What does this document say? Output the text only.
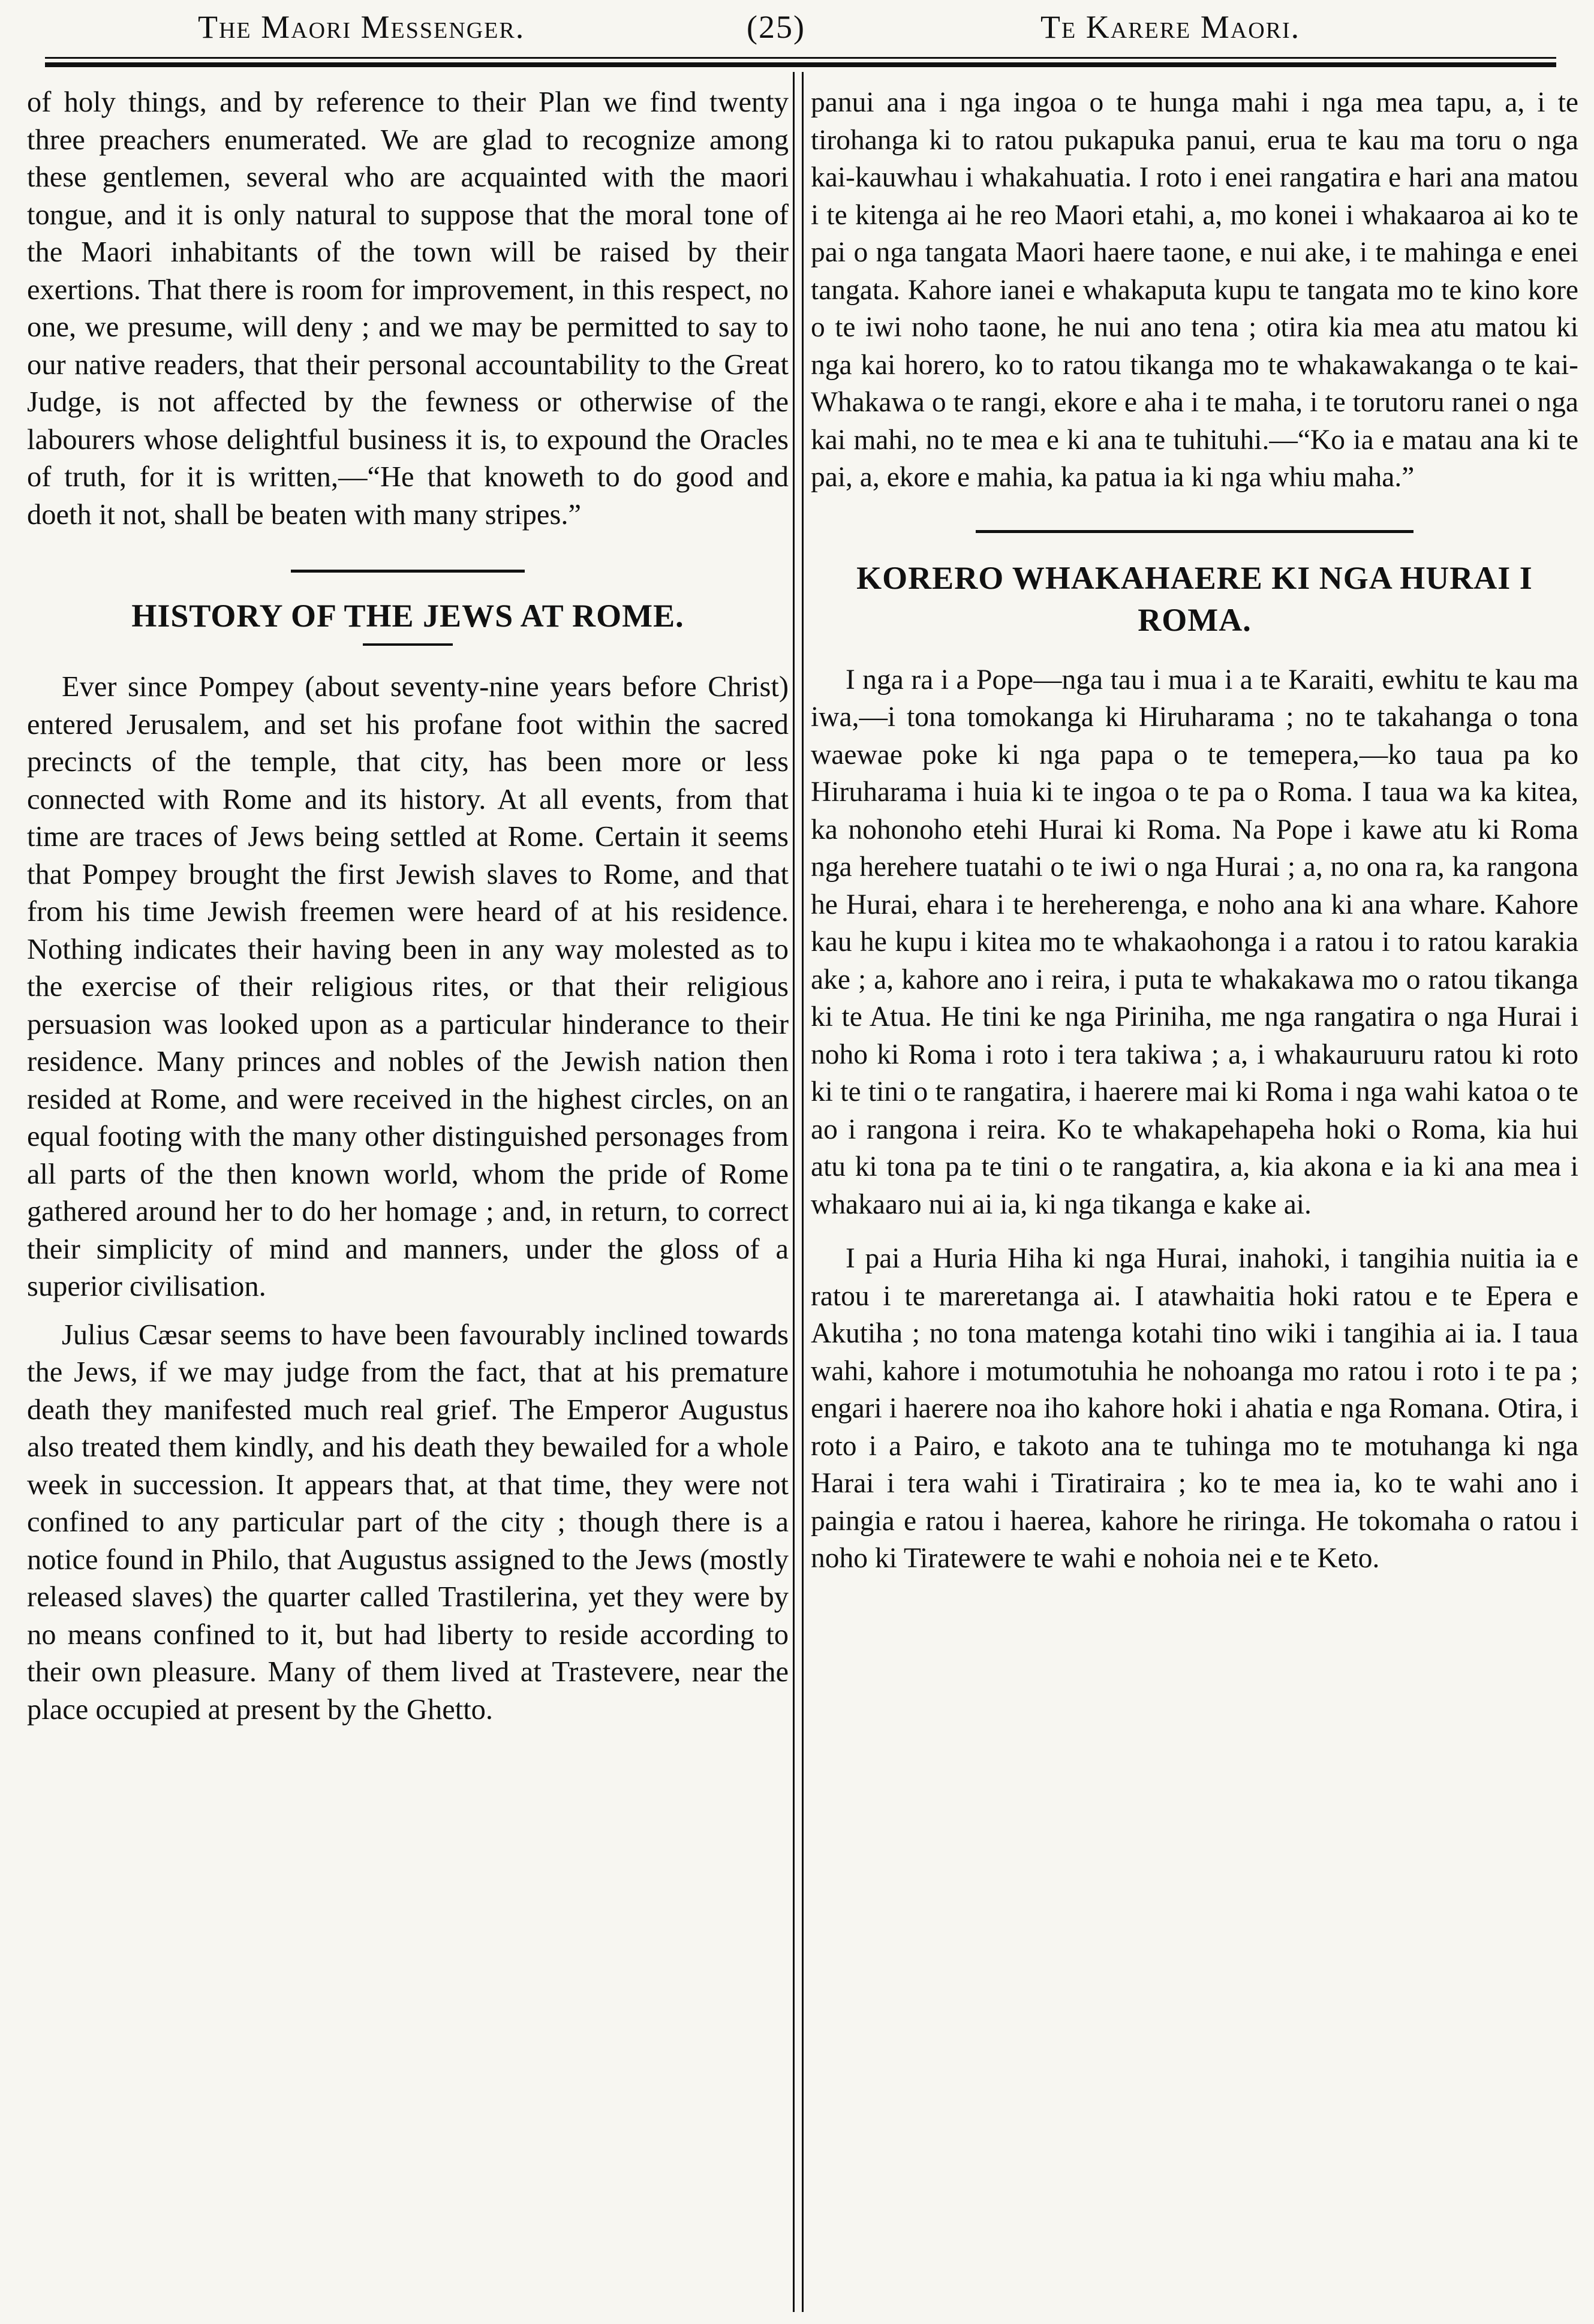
The Maori Messenger.	(25)	Te Karere Maori.

of holy things, and by reference to their Plan we find twenty three preachers enumerated. We are glad to recognize among these gentlemen, several who are acquainted with the maori tongue, and it is only natural to suppose that the moral tone of the Maori inhabitants of the town will be raised by their exertions. That there is room for improvement, in this respect, no one, we presume, will deny ; and we may be permitted to say to our native readers, that their personal accountability to the Great Judge, is not affected by the fewness or otherwise of the labourers whose delightful business it is, to expound the Oracles of truth, for it is written,—“He that knoweth to do good and doeth it not, shall be beaten with many stripes.”

HISTORY OF THE JEWS AT ROME.

Ever since Pompey (about seventy-nine years before Christ) entered Jerusalem, and set his profane foot within the sacred precincts of the temple, that city, has been more or less connected with Rome and its history. At all events, from that time are traces of Jews being settled at Rome. Certain it seems that Pompey brought the first Jewish slaves to Rome, and that from his time Jewish freemen were heard of at his residence. Nothing indicates their having been in any way molested as to the exercise of their religious rites, or that their religious persuasion was looked upon as a particular hinderance to their residence. Many princes and nobles of the Jewish nation then resided at Rome, and were received in the highest circles, on an equal footing with the many other distinguished personages from all parts of the then known world, whom the pride of Rome gathered around her to do her homage ; and, in return, to correct their simplicity of mind and manners, under the gloss of a superior civilisation.

Julius Cæsar seems to have been favourably inclined towards the Jews, if we may judge from the fact, that at his premature death they manifested much real grief. The Emperor Augustus also treated them kindly, and his death they bewailed for a whole week in succession. It appears that, at that time, they were not confined to any particular part of the city ; though there is a notice found in Philo, that Augustus assigned to the Jews (mostly released slaves) the quarter called Trastilerina, yet they were by no means confined to it, but had liberty to reside according to their own pleasure. Many of them lived at Trastevere, near the place occupied at present by the Ghetto.

panui ana i nga ingoa o te hunga mahi i nga mea tapu, a, i te tirohanga ki to ratou pukapuka panui, erua te kau ma toru o nga kai-kauwhau i whakahuatia. I roto i enei rangatira e hari ana matou i te kitenga ai he reo Maori etahi, a, mo konei i whakaaroa ai ko te pai o nga tangata Maori haere taone, e nui ake, i te mahinga e enei tangata. Kahore ianei e whakaputa kupu te tangata mo te kino kore o te iwi noho taone, he nui ano tena ; otira kia mea atu matou ki nga kai horero, ko to ratou tikanga mo te whakawakanga o te kai-Whakawa o te rangi, ekore e aha i te maha, i te torutoru ranei o nga kai mahi, no te mea e ki ana te tuhituhi.—“Ko ia e matau ana ki te pai, a, ekore e mahia, ka patua ia ki nga whiu maha.”

KORERO WHAKAHAERE KI NGA HURAI I ROMA.

I nga ra i a Pope—nga tau i mua i a te Karaiti, ewhitu te kau ma iwa,—i tona tomokanga ki Hiruharama ; no te takahanga o tona waewae poke ki nga papa o te temepera,—ko taua pa ko Hiruharama i huia ki te ingoa o te pa o Roma. I taua wa ka kitea, ka nohonoho etehi Hurai ki Roma. Na Pope i kawe atu ki Roma nga herehere tuatahi o te iwi o nga Hurai ; a, no ona ra, ka rangona he Hurai, ehara i te hereherenga, e noho ana ki ana whare. Kahore kau he kupu i kitea mo te whakaohonga i a ratou i to ratou karakia ake ; a, kahore ano i reira, i puta te whakakawa mo o ratou tikanga ki te Atua. He tini ke nga Piriniha, me nga rangatira o nga Hurai i noho ki Roma i roto i tera takiwa ; a, i whakauruuru ratou ki roto ki te tini o te rangatira, i haerere mai ki Roma i nga wahi katoa o te ao i rangona i reira. Ko te whakapehapeha hoki o Roma, kia hui atu ki tona pa te tini o te rangatira, a, kia akona e ia ki ana mea i whakaaro nui ai ia, ki nga tikanga e kake ai.

I pai a Huria Hiha ki nga Hurai, inahoki, i tangihia nuitia ia e ratou i te mareretanga ai. I atawhaitia hoki ratou e te Epera e Akutiha ; no tona matenga kotahi tino wiki i tangihia ai ia. I taua wahi, kahore i motumotuhia he nohoanga mo ratou i roto i te pa ; engari i haerere noa iho kahore hoki i ahatia e nga Romana. Otira, i roto i a Pairo, e takoto ana te tuhinga mo te motuhanga ki nga Harai i tera wahi i Tiratiraira ; ko te mea ia, ko te wahi ano i paingia e ratou i haerea, kahore he riringa. He tokomaha o ratou i noho ki Tiratewere te wahi e nohoia nei e te Keto.
